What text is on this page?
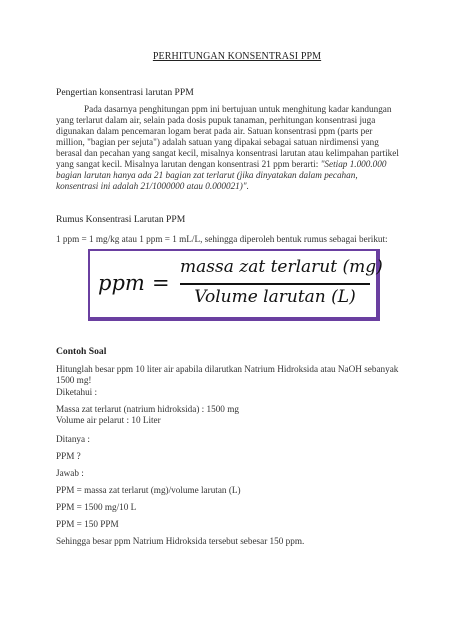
PERHITUNGAN KONSENTRASI PPM
Pengertian konsentrasi larutan PPM
Pada dasarnya penghitungan ppm ini bertujuan untuk menghitung kadar kandungan
yang terlarut dalam air, selain pada dosis pupuk tanaman, perhitungan konsentrasi juga
digunakan dalam pencemaran logam berat pada air. Satuan konsentrasi ppm (parts per
million, "bagian per sejuta") adalah satuan yang dipakai sebagai satuan nirdimensi yang
berasal dan pecahan yang sangat kecil, misalnya konsentrasi larutan atau kelimpahan partikel
yang sangat kecil. Misalnya larutan dengan konsentrasi 21 ppm berarti: "Setiap 1.000.000
bagian larutan hanya ada 21 bagian zat terlarut (jika dinyatakan dalam pecahan,
konsentrasi ini adalah 21/1000000 atau 0.000021)".
Rumus Konsentrasi Larutan PPM
1 ppm = 1 mg/kg atau 1 ppm = 1 mL/L, sehingga diperoleh bentuk rumus sebagai berikut:
ppm =
massa zat terlarut (mg)
Volume larutan (L)
Contoh Soal
Hitunglah besar ppm 10 liter air apabila dilarutkan Natrium Hidroksida atau NaOH sebanyak
1500 mg!
Diketahui :
Massa zat terlarut (natrium hidroksida) : 1500 mg
Volume air pelarut : 10 Liter
Ditanya :
PPM ?
Jawab :
PPM = massa zat terlarut (mg)/volume larutan (L)
PPM = 1500 mg/10 L
PPM = 150 PPM
Sehingga besar ppm Natrium Hidroksida tersebut sebesar 150 ppm.
